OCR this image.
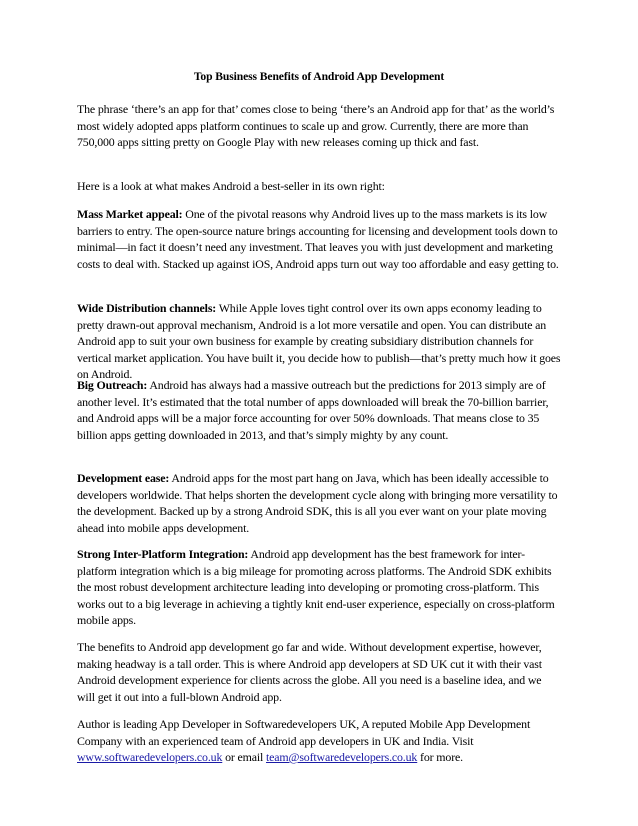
Top Business Benefits of Android App Development

The phrase ‘there’s an app for that’ comes close to being ‘there’s an Android app for that’ as the world’s most widely adopted apps platform continues to scale up and grow. Currently, there are more than 750,000 apps sitting pretty on Google Play with new releases coming up thick and fast.

Here is a look at what makes Android a best-seller in its own right:

Mass Market appeal: One of the pivotal reasons why Android lives up to the mass markets is its low barriers to entry. The open-source nature brings accounting for licensing and development tools down to minimal—in fact it doesn’t need any investment. That leaves you with just development and marketing costs to deal with. Stacked up against iOS, Android apps turn out way too affordable and easy getting to.

Wide Distribution channels: While Apple loves tight control over its own apps economy leading to pretty drawn-out approval mechanism, Android is a lot more versatile and open. You can distribute an Android app to suit your own business for example by creating subsidiary distribution channels for vertical market application. You have built it, you decide how to publish—that’s pretty much how it goes on Android.

Big Outreach: Android has always had a massive outreach but the predictions for 2013 simply are of another level. It’s estimated that the total number of apps downloaded will break the 70-billion barrier, and Android apps will be a major force accounting for over 50% downloads. That means close to 35 billion apps getting downloaded in 2013, and that’s simply mighty by any count.

Development ease: Android apps for the most part hang on Java, which has been ideally accessible to developers worldwide. That helps shorten the development cycle along with bringing more versatility to the development. Backed up by a strong Android SDK, this is all you ever want on your plate moving ahead into mobile apps development.

Strong Inter-Platform Integration: Android app development has the best framework for inter-platform integration which is a big mileage for promoting across platforms. The Android SDK exhibits the most robust development architecture leading into developing or promoting cross-platform. This works out to a big leverage in achieving a tightly knit end-user experience, especially on cross-platform mobile apps.

The benefits to Android app development go far and wide. Without development expertise, however, making headway is a tall order. This is where Android app developers at SD UK cut it with their vast Android development experience for clients across the globe. All you need is a baseline idea, and we will get it out into a full-blown Android app.

Author is leading App Developer in Softwaredevelopers UK, A reputed Mobile App Development Company with an experienced team of Android app developers in UK and India. Visit www.softwaredevelopers.co.uk or email team@softwaredevelopers.co.uk for more.
